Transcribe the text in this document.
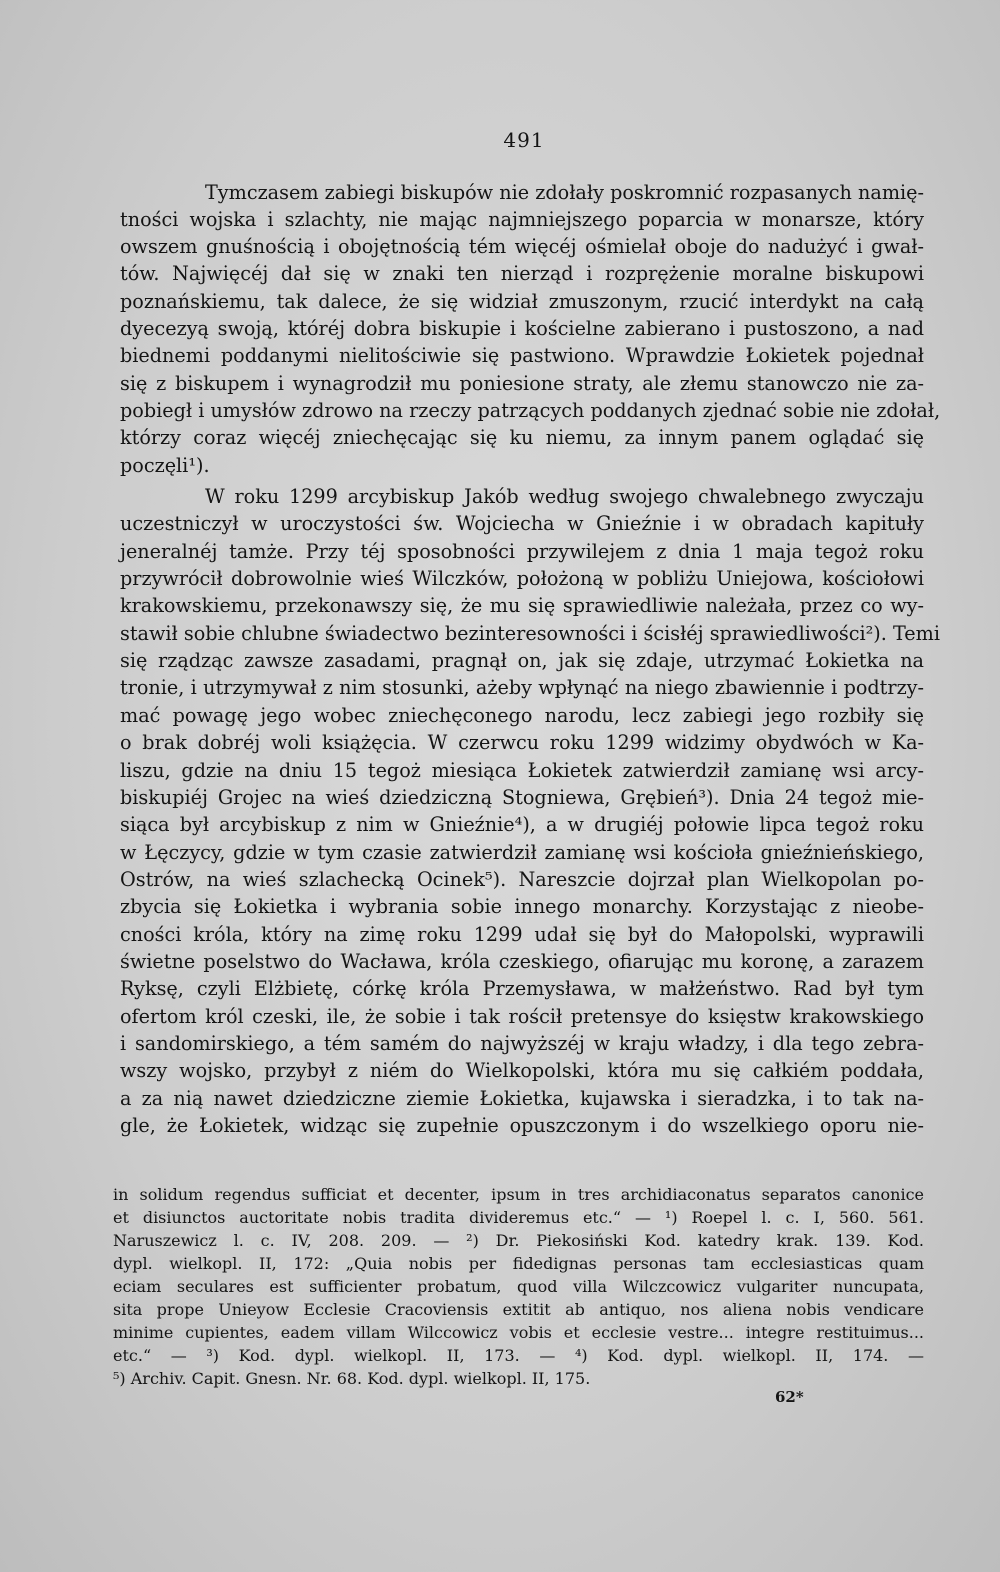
491
Tymczasem zabiegi biskupów nie zdołały poskromnić rozpasanych namię-
tności wojska i szlachty, nie mając najmniejszego poparcia w monarsze, który
owszem gnuśnością i obojętnością tém więcéj ośmielał oboje do nadużyć i gwał-
tów. Najwięcéj dał się w znaki ten nierząd i rozprężenie moralne biskupowi
poznańskiemu, tak dalece, że się widział zmuszonym, rzucić interdykt na całą
dyecezyą swoją, któréj dobra biskupie i kościelne zabierano i pustoszono, a nad
biednemi poddanymi nielitościwie się pastwiono. Wprawdzie Łokietek pojednał
się z biskupem i wynagrodził mu poniesione straty, ale złemu stanowczo nie za-
pobiegł i umysłów zdrowo na rzeczy patrzących poddanych zjednać sobie nie zdołał,
którzy coraz więcéj zniechęcając się ku niemu, za innym panem oglądać się
poczęli¹).
W roku 1299 arcybiskup Jakób według swojego chwalebnego zwyczaju
uczestniczył w uroczystości św. Wojciecha w Gnieźnie i w obradach kapituły
jeneralnéj tamże. Przy téj sposobności przywilejem z dnia 1 maja tegoż roku
przywrócił dobrowolnie wieś Wilczków, położoną w pobliżu Uniejowa, kościołowi
krakowskiemu, przekonawszy się, że mu się sprawiedliwie należała, przez co wy-
stawił sobie chlubne świadectwo bezinteresowności i ścisłéj sprawiedliwości²). Temi
się rządząc zawsze zasadami, pragnął on, jak się zdaje, utrzymać Łokietka na
tronie, i utrzymywał z nim stosunki, ażeby wpłynąć na niego zbawiennie i podtrzy-
mać powagę jego wobec zniechęconego narodu, lecz zabiegi jego rozbiły się
o brak dobréj woli książęcia. W czerwcu roku 1299 widzimy obydwóch w Ka-
liszu, gdzie na dniu 15 tegoż miesiąca Łokietek zatwierdził zamianę wsi arcy-
biskupiéj Grojec na wieś dziedziczną Stogniewa, Grębień³). Dnia 24 tegoż mie-
siąca był arcybiskup z nim w Gnieźnie⁴), a w drugiéj połowie lipca tegoż roku
w Łęczycy, gdzie w tym czasie zatwierdził zamianę wsi kościoła gnieźnieńskiego,
Ostrów, na wieś szlachecką Ocinek⁵). Nareszcie dojrzał plan Wielkopolan po-
zbycia się Łokietka i wybrania sobie innego monarchy. Korzystając z nieobe-
cności króla, który na zimę roku 1299 udał się był do Małopolski, wyprawili
świetne poselstwo do Wacława, króla czeskiego, ofiarując mu koronę, a zarazem
Ryksę, czyli Elżbietę, córkę króla Przemysława, w małżeństwo. Rad był tym
ofertom król czeski, ile, że sobie i tak rościł pretensye do księstw krakowskiego
i sandomirskiego, a tém samém do najwyższéj w kraju władzy, i dla tego zebra-
wszy wojsko, przybył z niém do Wielkopolski, która mu się całkiém poddała,
a za nią nawet dziedziczne ziemie Łokietka, kujawska i sieradzka, i to tak na-
gle, że Łokietek, widząc się zupełnie opuszczonym i do wszelkiego oporu nie-
in solidum regendus sufficiat et decenter, ipsum in tres archidiaconatus separatos canonice
et disiunctos auctoritate nobis tradita divideremus etc.“ — ¹) Roepel l. c. I, 560. 561.
Naruszewicz l. c. IV, 208. 209. — ²) Dr. Piekosiński Kod. katedry krak. 139. Kod.
dypl. wielkopl. II, 172: „Quia nobis per fidedignas personas tam ecclesiasticas quam
eciam seculares est sufficienter probatum, quod villa Wilczcowicz vulgariter nuncupata,
sita prope Unieyow Ecclesie Cracoviensis extitit ab antiquo, nos aliena nobis vendicare
minime cupientes, eadem villam Wilccowicz vobis et ecclesie vestre... integre restituimus...
etc.“ — ³) Kod. dypl. wielkopl. II, 173. — ⁴) Kod. dypl. wielkopl. II, 174. —
⁵) Archiv. Capit. Gnesn. Nr. 68. Kod. dypl. wielkopl. II, 175.
62*
